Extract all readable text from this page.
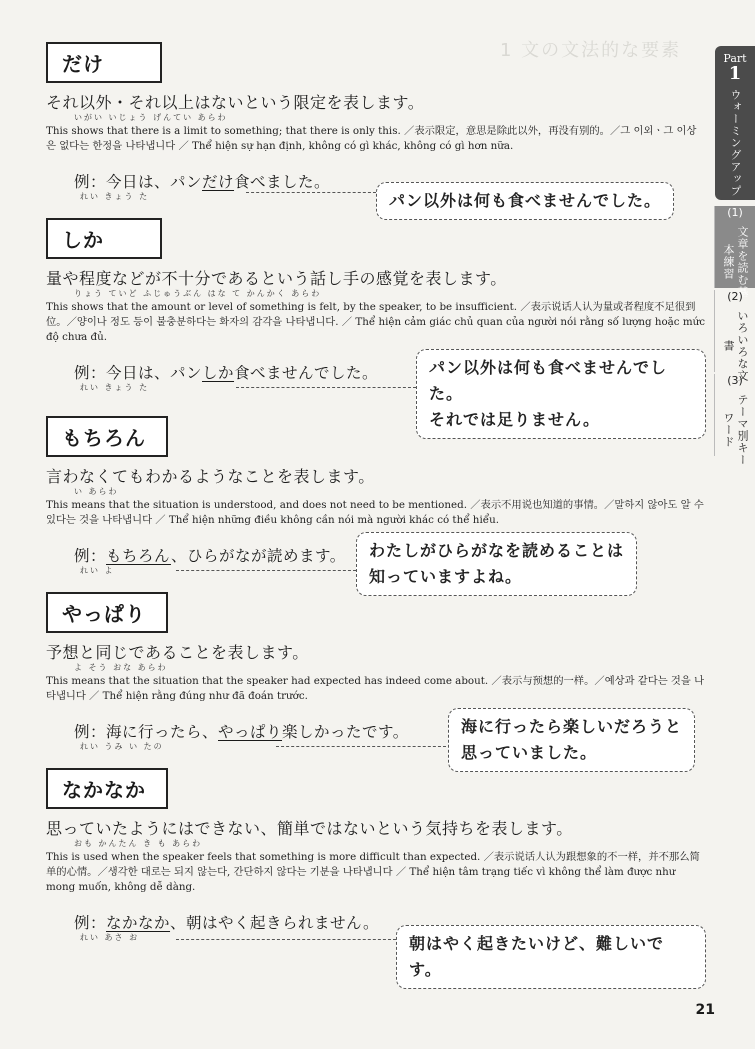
1 文の文法的な要素	Part
1
ウォーミングアップ
(1)
文章を読む基本練習
(2)
いろいろな文書
(3)
テーマ別キーワード
だけ
それ以外・それ以上はないという限定を表します。
いがい いじょう げんてい あらわ
This shows that there is a limit to something; that there is only this. ／表示限定，意思是除此以外，再没有别的。／그 이외ㆍ그 이상은 없다는 한정을 나타냅니다 ／ Thể hiện sự hạn định, không có gì khác, không có gì hơn nữa.
例：今日は、パンだけ食べました。
れい きょう た	パン以外は何も食べませんでした。
しか
量や程度などが不十分であるという話し手の感覚を表します。
りょう ていど ふじゅうぶん はな て かんかく あらわ
This shows that the amount or level of something is felt, by the speaker, to be insufficient. ／表示说话人认为量或者程度不足很到位。／양이나 정도 등이 불충분하다는 화자의 감각을 나타냅니다. ／ Thể hiện cảm giác chủ quan của người nói rằng số lượng hoặc mức độ chưa đủ.
例：今日は、パンしか食べませんでした。
れい きょう た
パン以外は何も食べませんでした。
それでは足りません。
もちろん
言わなくてもわかるようなことを表します。
い あらわ
This means that the situation is understood, and does not need to be mentioned. ／表示不用说也知道的事情。／말하지 않아도 알 수 있다는 것을 나타냅니다 ／ Thể hiện những điều không cần nói mà người khác có thể hiểu.
例：もちろん、ひらがなが読めます。
れい よ
わたしがひらがなを読めることは
知っていますよね。
やっぱり
予想と同じであることを表します。
よ そう おな あらわ
This means that the situation that the speaker had expected has indeed come about. ／表示与预想的一样。／예상과 같다는 것을 나타냅니다 ／ Thể hiện rằng đúng như đã đoán trước.
例：海に行ったら、やっぱり楽しかったです。
れい うみ い たの
海に行ったら楽しいだろうと
思っていました。
なかなか
思っていたようにはできない、簡単ではないという気持ちを表します。
おも かんたん き も あらわ
This is used when the speaker feels that something is more difficult than expected. ／表示说话人认为跟想象的不一样，并不那么简单的心情。／생각한 대로는 되지 않는다, 간단하지 않다는 기분을 나타냅니다 ／ Thể hiện tâm trạng tiếc vì không thể làm được như mong muốn, không dễ dàng.
例：なかなか、朝はやく起きられません。
れい あさ お	朝はやく起きたいけど、難しいです。
21
